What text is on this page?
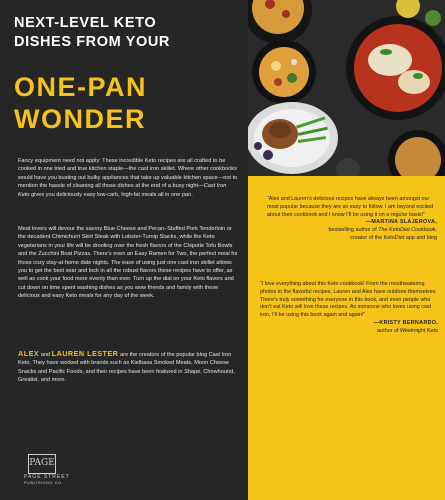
NEXT-LEVEL KETO
DISHES FROM YOUR
ONE-PAN
WONDER
Fancy equipment need not apply: These incredible Keto recipes are all crafted to be cooked in one tried and true kitchen staple—the cast iron skillet. Where other cookbooks would have you busting out bulky appliances that take up valuable kitchen space—not to mention the hassle of cleaning all those dishes at the end of a busy night—Cast Iron Keto gives you deliciously easy low-carb, high-fat meals all in one pan.
Meat lovers will devour the savory Blue Cheese and Pecan–Stuffed Pork Tenderloin or the decadent Chimichurri Skirt Steak with Lobster-Turnip Stacks, while the Keto vegetarians in your life will be drooling over the fresh flavors of the Chipotle Tofu Bowls and the Zucchini Boat Pizzas. There’s even an Easy Ramen for Two, the perfect meal for those cozy stay-at-home date nights. The ease of using just one cast iron skillet allows you to get the best sear and lock in all the robust flavors these recipes have to offer, as well as cook your food more evenly than ever. Turn up the dial on your Keto flavors and cut down on time spent washing dishes as you wow friends and family with these delicious and easy Keto meals for any day of the week.
ALEX and LAUREN LESTER are the creators of the popular blog Cast Iron Keto. They have worked with brands such as Kielbasa Smoked Meats, Moon Cheese Snacks and Pacific Foods, and their recipes have been featured in Shape, Chowhound, Greatist, and more.
PAGE
PAGE STREET
PUBLISHING CO.
“Alex and Lauren’s delicious recipes have always been amongst our most popular because they are so easy to follow. I am beyond excited about their cookbook and I know I’ll be using it on a regular basis!”
—MARTINA SLAJEROVA,
bestselling author of The KetoDiet Cookbook,
creator of the KetoDiet app and blog
“I love everything about this Keto cookbook! From the mouthwatering photos to the flavorful recipes, Lauren and Alex have outdone themselves. There’s truly something for everyone in this book, and even people who don’t eat Keto will love these recipes. As someone who loves using cast iron, I’ll be using this book again and again!”
—KRISTY BERNARDO,
author of Weeknight Keto
